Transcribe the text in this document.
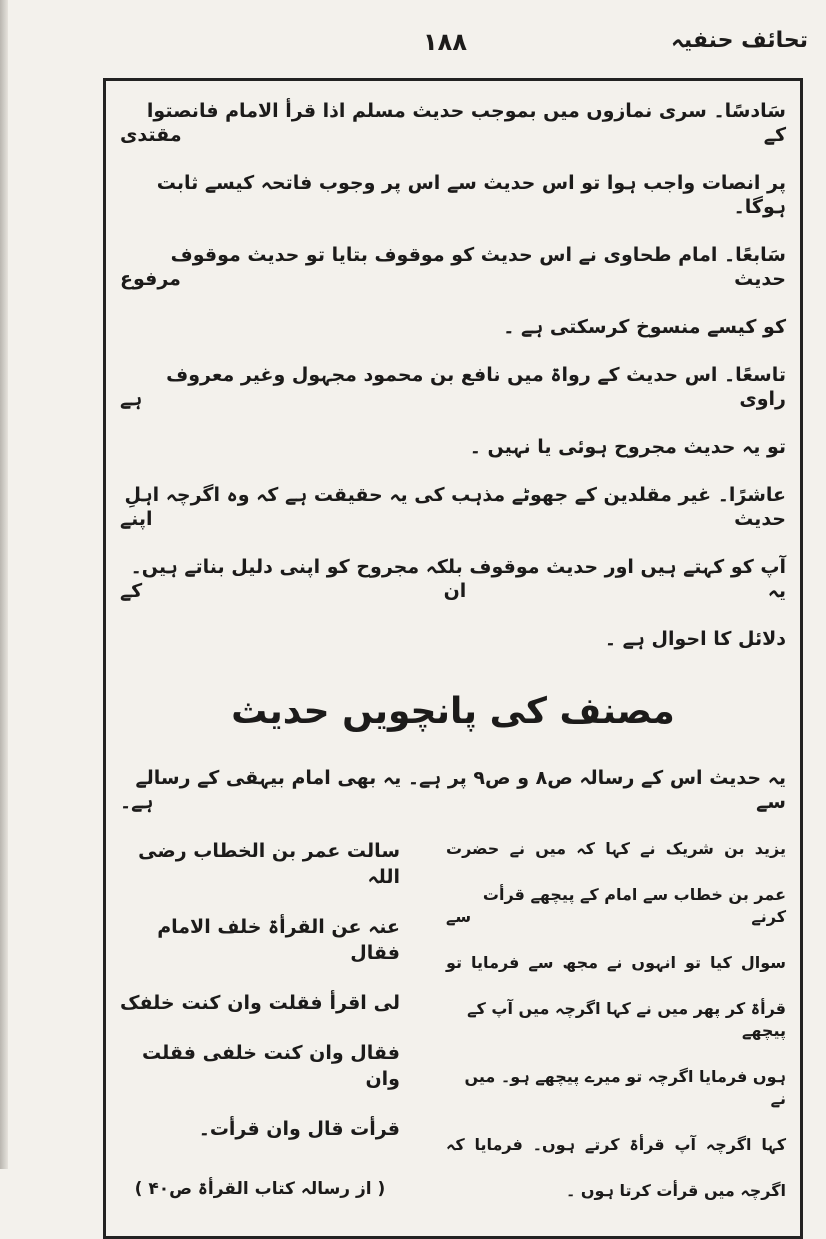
تحائف حنفیہ
۱۸۸
سَادسًا۔ سری نمازوں میں بموجب حدیث مسلم اذا قرأ الامام فانصتوا کے مقتدی
پر انصات واجب ہوا تو اس حدیث سے اس پر وجوب فاتحہ کیسے ثابت ہوگا۔
سَابعًا۔ امام طحاوی نے اس حدیث کو موقوف بتایا تو حدیث موقوف حدیث مرفوع
کو کیسے منسوخ کرسکتی ہے ۔
تاسعًا۔ اس حدیث کے رواۃ میں نافع بن محمود مجہول وغیر معروف راوی ہے
تو یہ حدیث مجروح ہوئی یا نہیں ۔
عاشرًا۔ غیر مقلدین کے جھوٹے مذہب کی یہ حقیقت ہے کہ وہ اگرچہ اہلِ حدیث اپنے
آپ کو کہتے ہیں اور حدیث موقوف بلکہ مجروح کو اپنی دلیل بناتے ہیں۔ یہ ان کے
دلائل کا احوال ہے ۔
مصنف کی پانچویں حدیث
یہ حدیث اس کے رسالہ ص۸ و ص۹ پر ہے۔ یہ بھی امام بیہقی کے رسالے سے ہے۔
یزید بن شریک نے کہا کہ میں نے حضرت
عمر بن خطاب سے امام کے پیچھے قرأت کرنے سے
سوال کیا تو انہوں نے مجھ سے فرمایا تو
قرأۃ کر پھر میں نے کہا اگرچہ میں آپ کے پیچھے
ہوں فرمایا اگرچہ تو میرے پیچھے ہو۔ میں نے
کہا اگرچہ آپ قرأۃ کرتے ہوں۔ فرمایا کہ
اگرچہ میں قرأت کرتا ہوں ۔
سالت عمر بن الخطاب رضی اللہ
عنہ عن القرأۃ خلف الامام فقال
لی اقرأ فقلت وان کنت خلفک
فقال وان کنت خلفی فقلت وان
قرأت قال وان قرأت۔
( از رسالہ کتاب القرأۃ ص۴۰ )
